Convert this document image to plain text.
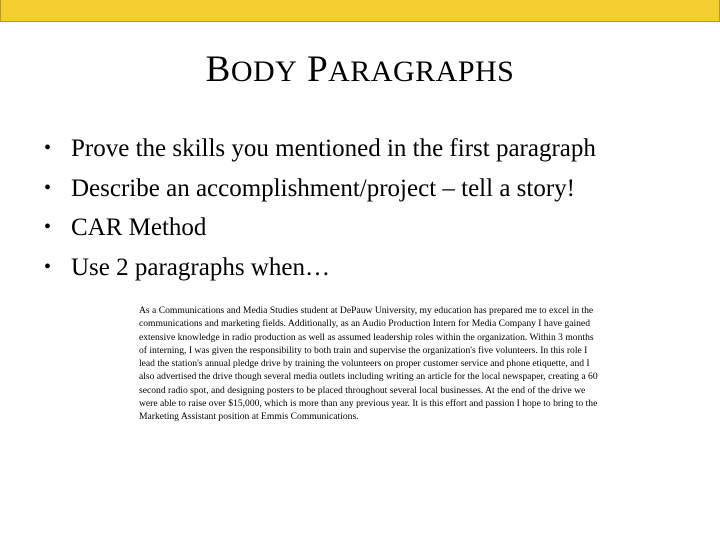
BODY PARAGRAPHS
• Prove the skills you mentioned in the first paragraph
• Describe an accomplishment/project – tell a story!
• CAR Method
• Use 2 paragraphs when…
As a Communications and Media Studies student at DePauw University, my education has prepared me to excel in the communications and marketing fields. Additionally, as an Audio Production Intern for Media Company I have gained extensive knowledge in radio production as well as assumed leadership roles within the organization. Within 3 months of interning, I was given the responsibility to both train and supervise the organization's five volunteers. In this role I lead the station's annual pledge drive by training the volunteers on proper customer service and phone etiquette, and I also advertised the drive though several media outlets including writing an article for the local newspaper, creating a 60 second radio spot, and designing posters to be placed throughout several local businesses. At the end of the drive we were able to raise over $15,000, which is more than any previous year. It is this effort and passion I hope to bring to the Marketing Assistant position at Emmis Communications.
